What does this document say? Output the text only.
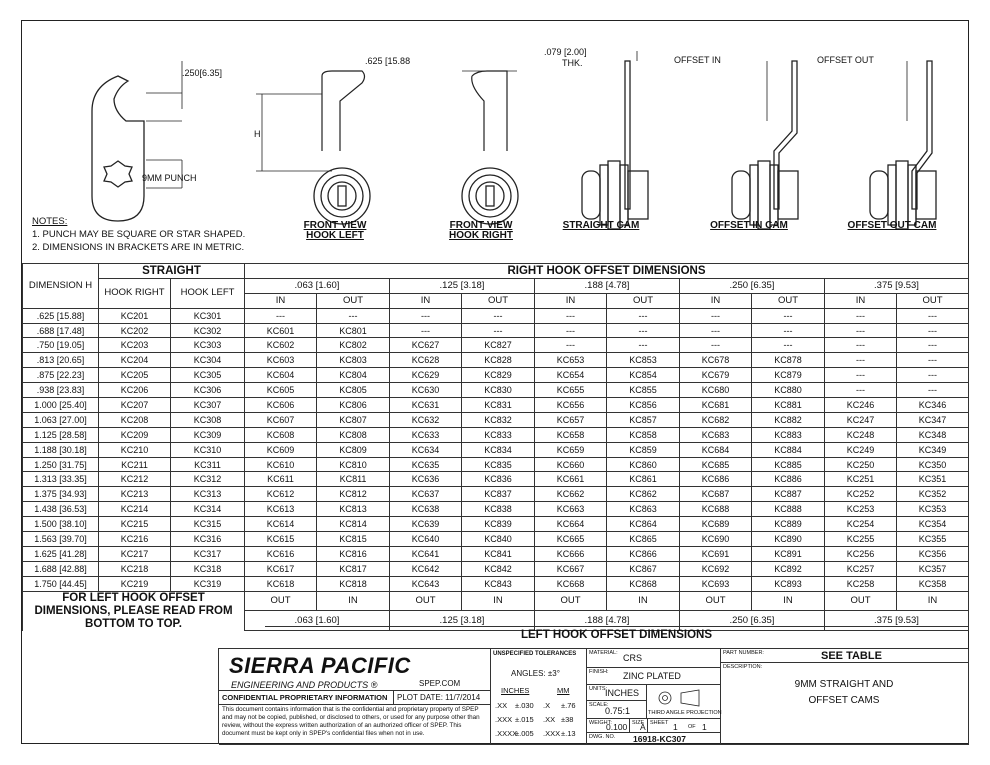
.250[6.35]
9MM PUNCH
H
.625 [15.88
.079 [2.00]
THK.	OFFSET IN	OFFSET OUT
FRONT VIEW
HOOK LEFT
FRONT VIEW
HOOK RIGHT
STRAIGHT CAM	OFFSET IN CAM	OFFSET OUT CAM
NOTES:
1. PUNCH MAY BE SQUARE OR STAR SHAPED.
2. DIMENSIONS IN BRACKETS ARE IN METRIC.
DIMENSION H	STRAIGHT		RIGHT HOOK OFFSET DIMENSIONS									
	HOOK RIGHT	HOOK LEFT	.063 [1.60]		.125 [3.18]		.188 [4.78]		.250 [6.35]		.375 [9.53]	
			IN	OUT	IN	OUT	IN	OUT	IN	OUT	IN	OUT
.625 [15.88]	KC201	KC301	---	---	---	---	---	---	---	---	---	---
.688 [17.48]	KC202	KC302	KC601	KC801	---	---	---	---	---	---	---	---
.750 [19.05]	KC203	KC303	KC602	KC802	KC627	KC827	---	---	---	---	---	---
.813 [20.65]	KC204	KC304	KC603	KC803	KC628	KC828	KC653	KC853	KC678	KC878	---	---
.875 [22.23]	KC205	KC305	KC604	KC804	KC629	KC829	KC654	KC854	KC679	KC879	---	---
.938 [23.83]	KC206	KC306	KC605	KC805	KC630	KC830	KC655	KC855	KC680	KC880	---	---
1.000 [25.40]	KC207	KC307	KC606	KC806	KC631	KC831	KC656	KC856	KC681	KC881	KC246	KC346
1.063 [27.00]	KC208	KC308	KC607	KC807	KC632	KC832	KC657	KC857	KC682	KC882	KC247	KC347
1.125 [28.58]	KC209	KC309	KC608	KC808	KC633	KC833	KC658	KC858	KC683	KC883	KC248	KC348
1.188 [30.18]	KC210	KC310	KC609	KC809	KC634	KC834	KC659	KC859	KC684	KC884	KC249	KC349
1.250 [31.75]	KC211	KC311	KC610	KC810	KC635	KC835	KC660	KC860	KC685	KC885	KC250	KC350
1.313 [33.35]	KC212	KC312	KC611	KC811	KC636	KC836	KC661	KC861	KC686	KC886	KC251	KC351
1.375 [34.93]	KC213	KC313	KC612	KC812	KC637	KC837	KC662	KC862	KC687	KC887	KC252	KC352
1.438 [36.53]	KC214	KC314	KC613	KC813	KC638	KC838	KC663	KC863	KC688	KC888	KC253	KC353
1.500 [38.10]	KC215	KC315	KC614	KC814	KC639	KC839	KC664	KC864	KC689	KC889	KC254	KC354
1.563 [39.70]	KC216	KC316	KC615	KC815	KC640	KC840	KC665	KC865	KC690	KC890	KC255	KC355
1.625 [41.28]	KC217	KC317	KC616	KC816	KC641	KC841	KC666	KC866	KC691	KC891	KC256	KC356
1.688 [42.88]	KC218	KC318	KC617	KC817	KC642	KC842	KC667	KC867	KC692	KC892	KC257	KC357
1.750 [44.45]	KC219	KC319	KC618	KC818	KC643	KC843	KC668	KC868	KC693	KC893	KC258	KC358
FOR LEFT HOOK OFFSET DIMENSIONS, PLEASE READ FROM BOTTOM TO TOP.			OUT	IN	OUT	IN	OUT	IN	OUT	IN	OUT	IN
			.063 [1.60]		.125 [3.18]		.188 [4.78]		.250 [6.35]		.375 [9.53]	
LEFT HOOK OFFSET DIMENSIONS
SIERRA PACIFIC
ENGINEERING AND PRODUCTS ®	SPEP.COM
CONFIDENTIAL PROPRIETARY INFORMATION	PLOT DATE: 11/7/2014
This document contains information that is the confidential and proprietary property of SPEP and may not be copied, published, or disclosed to others, or used for any purpose other than review, without the express written authorization of an authorized officer of SPEP. This document must be kept only in SPEP's confidential files when not in use.
UNSPECIFIED TOLERANCES
ANGLES: ±3°
INCHES	MM
.XX ±.030 .X ±.76
.XXX ±.015 .XX ±38
.XXXX
±.005 .XXX ±.13
MATERIAL: CRS
FINISH: ZINC PLATED
UNITS:
INCHES
SCALE:
0.75:1	THIRD ANGLE PROJECTION
WEIGHT:
0.100 SIZE
A SHEET 1 OF 1
DWG. NO. 16918-KC307
PART NUMBER:	SEE TABLE
DESCRIPTION:
9MM STRAIGHT AND
OFFSET CAMS
